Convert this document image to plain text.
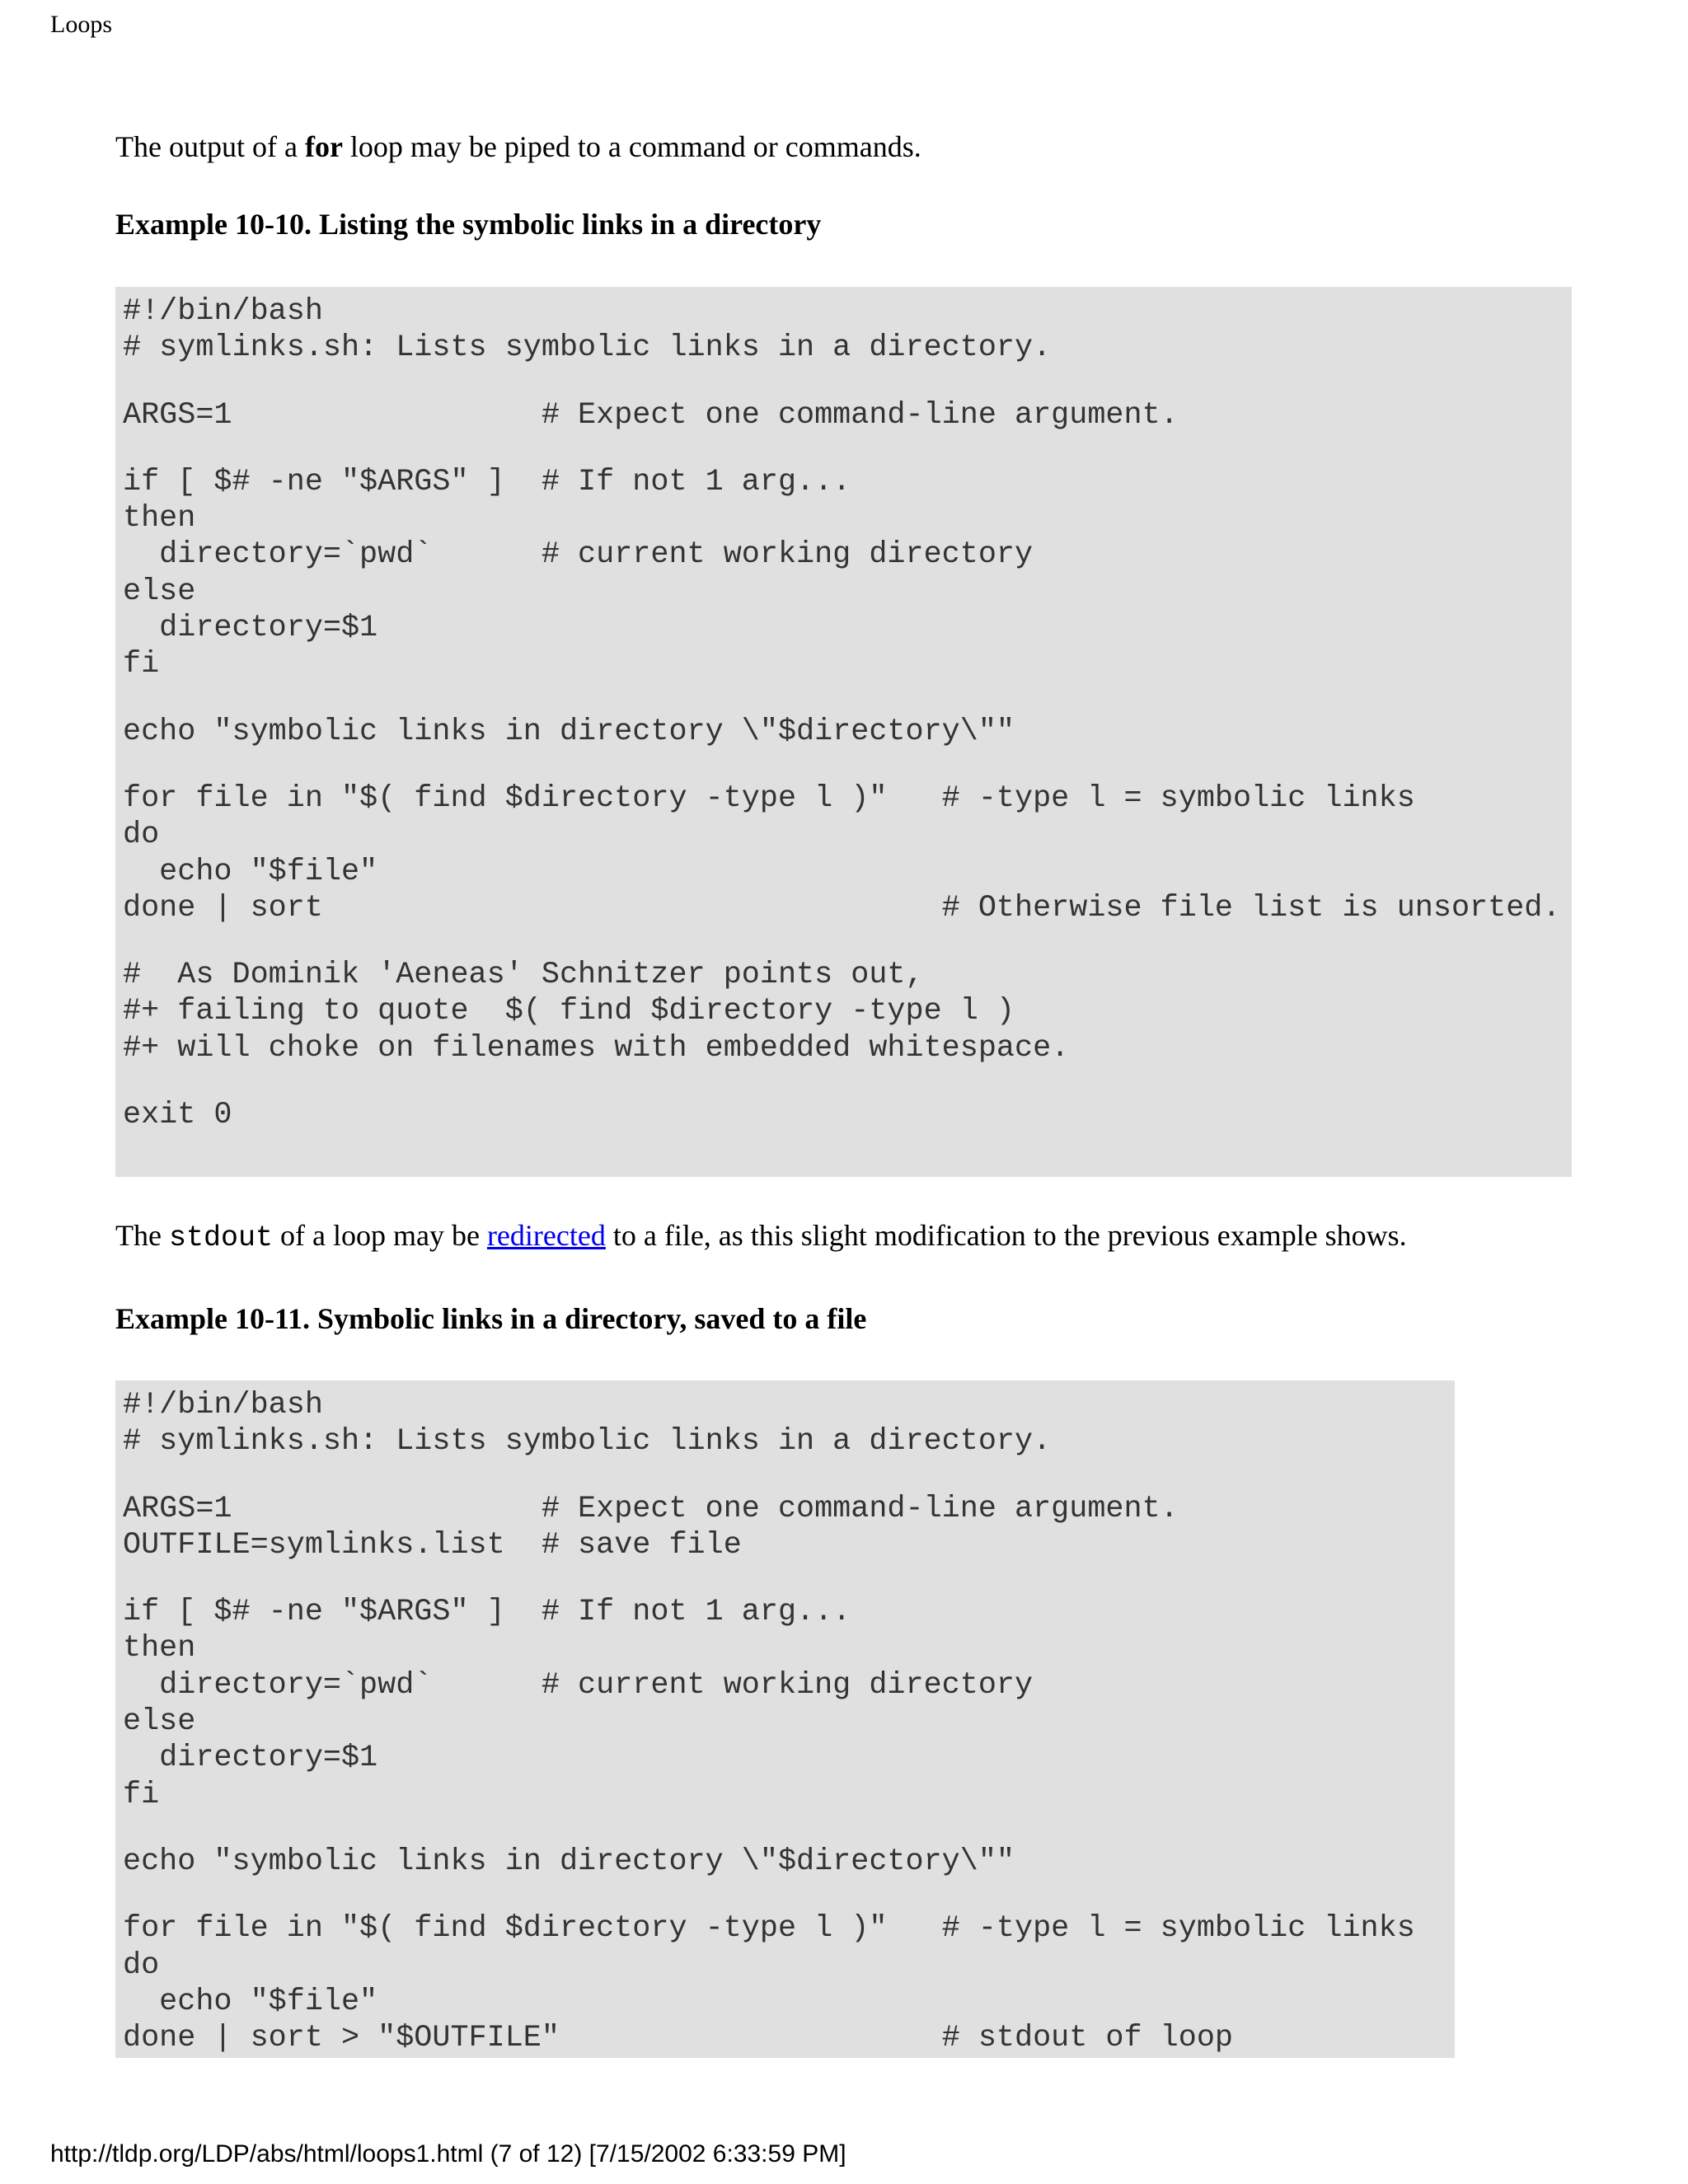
Loops

The output of a for loop may be piped to a command or commands.

Example 10-10. Listing the symbolic links in a directory
#!/bin/bash
# symlinks.sh: Lists symbolic links in a directory.
ARGS=1                 # Expect one command-line argument.
if [ $# -ne "$ARGS" ]  # If not 1 arg...
then
directory=`pwd`      # current working directory
else
directory=$1
fi
echo "symbolic links in directory \"$directory\""
for file in "$( find $directory -type l )"   # -type l = symbolic links
do
echo "$file"
done | sort                                  # Otherwise file list is unsorted.
#  As Dominik 'Aeneas' Schnitzer points out,
#+ failing to quote  $( find $directory -type l )
#+ will choke on filenames with embedded whitespace.
exit 0

The stdout of a loop may be redirected to a file, as this slight modification to the previous example shows.

Example 10-11. Symbolic links in a directory, saved to a file
#!/bin/bash
# symlinks.sh: Lists symbolic links in a directory.
ARGS=1                 # Expect one command-line argument.
OUTFILE=symlinks.list  # save file
if [ $# -ne "$ARGS" ]  # If not 1 arg...
then
directory=`pwd`      # current working directory
else
directory=$1
fi
echo "symbolic links in directory \"$directory\""
for file in "$( find $directory -type l )"   # -type l = symbolic links
do
echo "$file"
done | sort > "$OUTFILE"                     # stdout of loop
http://tldp.org/LDP/abs/html/loops1.html (7 of 12) [7/15/2002 6:33:59 PM]
